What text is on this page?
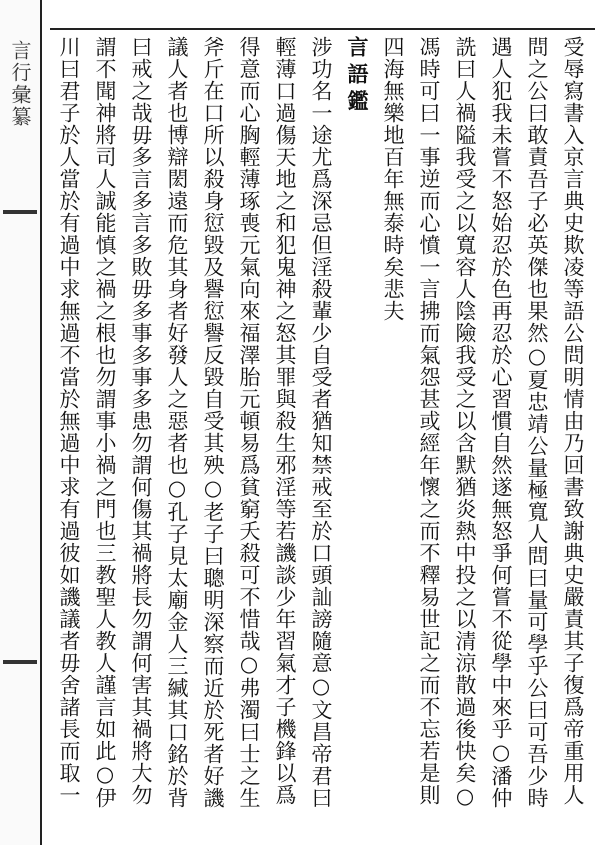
言行彙纂	受辱寫書入京言典史欺凌等語公問明情由乃回書致謝典史嚴責其子復爲帝重用人問之公曰敢責吾子必英傑也果然○夏忠靖公量極寬人問曰量可學乎公曰可吾少時遇人犯我未嘗不怒始忍於色再忍於心習慣自然遂無怒爭何嘗不從學中來乎○潘仲詵曰人禍隘我受之以寬容人陰險我受之以含默猶炎熱中投之以清涼散過後快矣○馮時可曰一事逆而心憤一言拂而氣怨甚或經年懷之而不釋易世記之而不忘若是則四海無樂地百年無泰時矣悲夫

言語鑑

涉功名一途尤爲深忌但淫殺輩少自受者猶知禁戒至於口頭訕謗隨意○文昌帝君曰輕薄口過傷天地之和犯鬼神之怒其罪與殺生邪淫等若譏談少年習氣才子機鋒以爲得意而心胸輕薄琢喪元氣向來福澤胎元頓易爲貧窮夭殺可不惜哉○弗濁曰士之生斧斤在口所以殺身愆毀及譽愆譽反毀自受其殃○老子曰聰明深察而近於死者好譏議人者也博辯閎遠而危其身者好發人之惡者也○孔子見太廟金人三緘其口銘於背曰戒之哉毋多言多言多敗毋多事多事多患勿謂何傷其禍將長勿謂何害其禍將大勿謂不聞神將司人誠能慎之禍之根也勿謂事小禍之門也三教聖人教人謹言如此○伊川曰君子於人當於有過中求無過不當於無過中求有過彼如譏議者毋舍諸長而取一
